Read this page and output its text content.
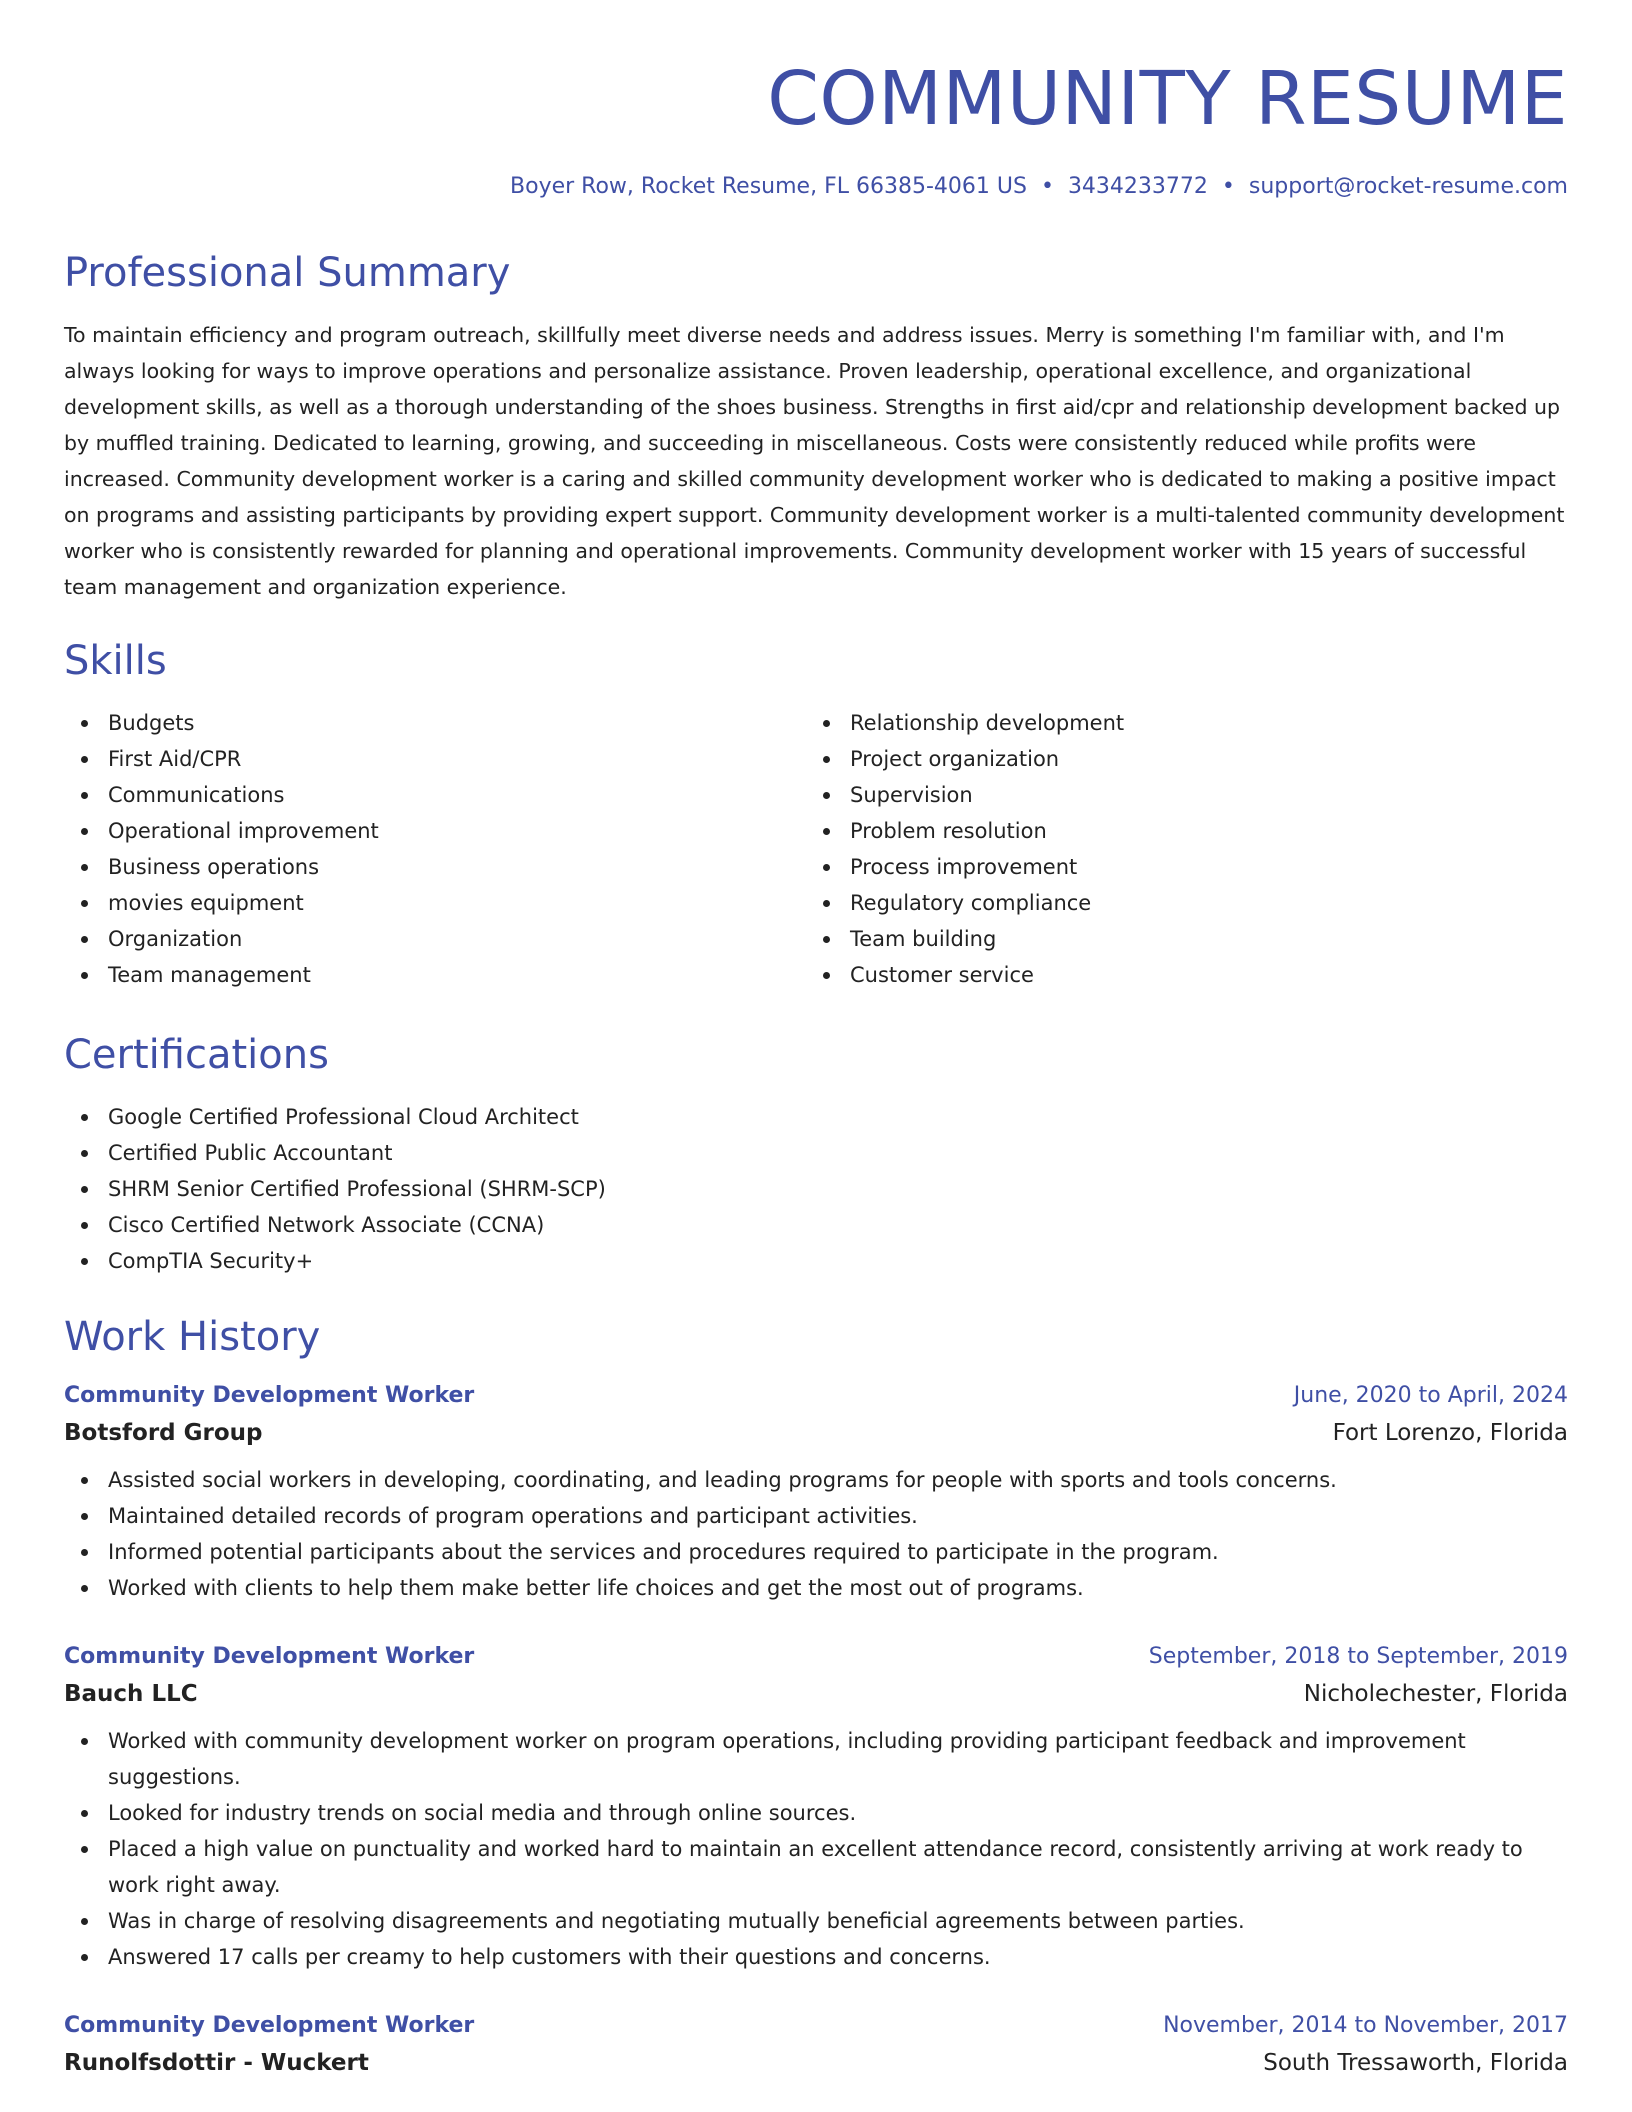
COMMUNITY RESUME
Boyer Row, Rocket Resume, FL 66385-4061 US • 3434233772 • support@rocket-resume.com
Professional Summary
To maintain efficiency and program outreach, skillfully meet diverse needs and address issues. Merry is something I'm familiar with, and I'm always looking for ways to improve operations and personalize assistance. Proven leadership, operational excellence, and organizational development skills, as well as a thorough understanding of the shoes business. Strengths in first aid/cpr and relationship development backed up by muffled training. Dedicated to learning, growing, and succeeding in miscellaneous. Costs were consistently reduced while profits were increased. Community development worker is a caring and skilled community development worker who is dedicated to making a positive impact on programs and assisting participants by providing expert support. Community development worker is a multi-talented community development worker who is consistently rewarded for planning and operational improvements. Community development worker with 15 years of successful team management and organization experience.
Skills
Budgets
First Aid/CPR
Communications
Operational improvement
Business operations
movies equipment
Organization
Team management
Relationship development
Project organization
Supervision
Problem resolution
Process improvement
Regulatory compliance
Team building
Customer service
Certifications
Google Certified Professional Cloud Architect
Certified Public Accountant
SHRM Senior Certified Professional (SHRM-SCP)
Cisco Certified Network Associate (CCNA)
CompTIA Security+
Work History
Community Development Worker	June, 2020 to April, 2024
Botsford Group	Fort Lorenzo, Florida
Assisted social workers in developing, coordinating, and leading programs for people with sports and tools concerns.
Maintained detailed records of program operations and participant activities.
Informed potential participants about the services and procedures required to participate in the program.
Worked with clients to help them make better life choices and get the most out of programs.
Community Development Worker	September, 2018 to September, 2019
Bauch LLC	Nicholechester, Florida
Worked with community development worker on program operations, including providing participant feedback and improvement suggestions.
Looked for industry trends on social media and through online sources.
Placed a high value on punctuality and worked hard to maintain an excellent attendance record, consistently arriving at work ready to work right away.
Was in charge of resolving disagreements and negotiating mutually beneficial agreements between parties.
Answered 17 calls per creamy to help customers with their questions and concerns.
Community Development Worker	November, 2014 to November, 2017
Runolfsdottir - Wuckert	South Tressaworth, Florida
